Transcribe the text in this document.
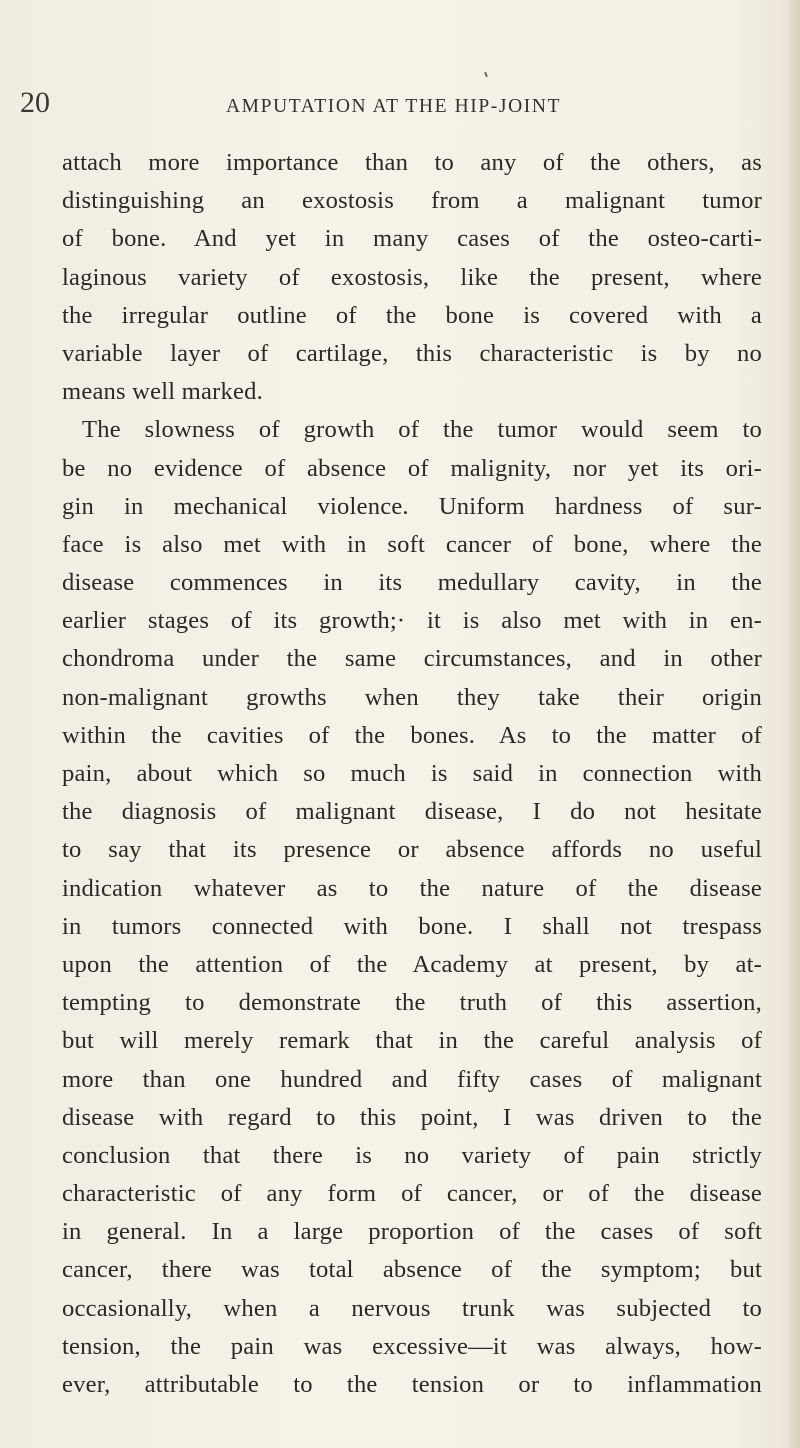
20	AMPUTATION AT THE HIP-JOINT
attach more importance than to any of the others, as
distinguishing an exostosis from a malignant tumor
of bone. And yet in many cases of the osteo-carti-
laginous variety of exostosis, like the present, where
the irregular outline of the bone is covered with a
variable layer of cartilage, this characteristic is by no
means well marked.
The slowness of growth of the tumor would seem to
be no evidence of absence of malignity, nor yet its ori-
gin in mechanical violence. Uniform hardness of sur-
face is also met with in soft cancer of bone, where the
disease commences in its medullary cavity, in the
earlier stages of its growth;· it is also met with in en-
chondroma under the same circumstances, and in other
non-malignant growths when they take their origin
within the cavities of the bones. As to the matter of
pain, about which so much is said in connection with
the diagnosis of malignant disease, I do not hesitate
to say that its presence or absence affords no useful
indication whatever as to the nature of the disease
in tumors connected with bone. I shall not trespass
upon the attention of the Academy at present, by at-
tempting to demonstrate the truth of this assertion,
but will merely remark that in the careful analysis of
more than one hundred and fifty cases of malignant
disease with regard to this point, I was driven to the
conclusion that there is no variety of pain strictly
characteristic of any form of cancer, or of the disease
in general. In a large proportion of the cases of soft
cancer, there was total absence of the symptom; but
occasionally, when a nervous trunk was subjected to
tension, the pain was excessive—it was always, how-
ever, attributable to the tension or to inflammation
